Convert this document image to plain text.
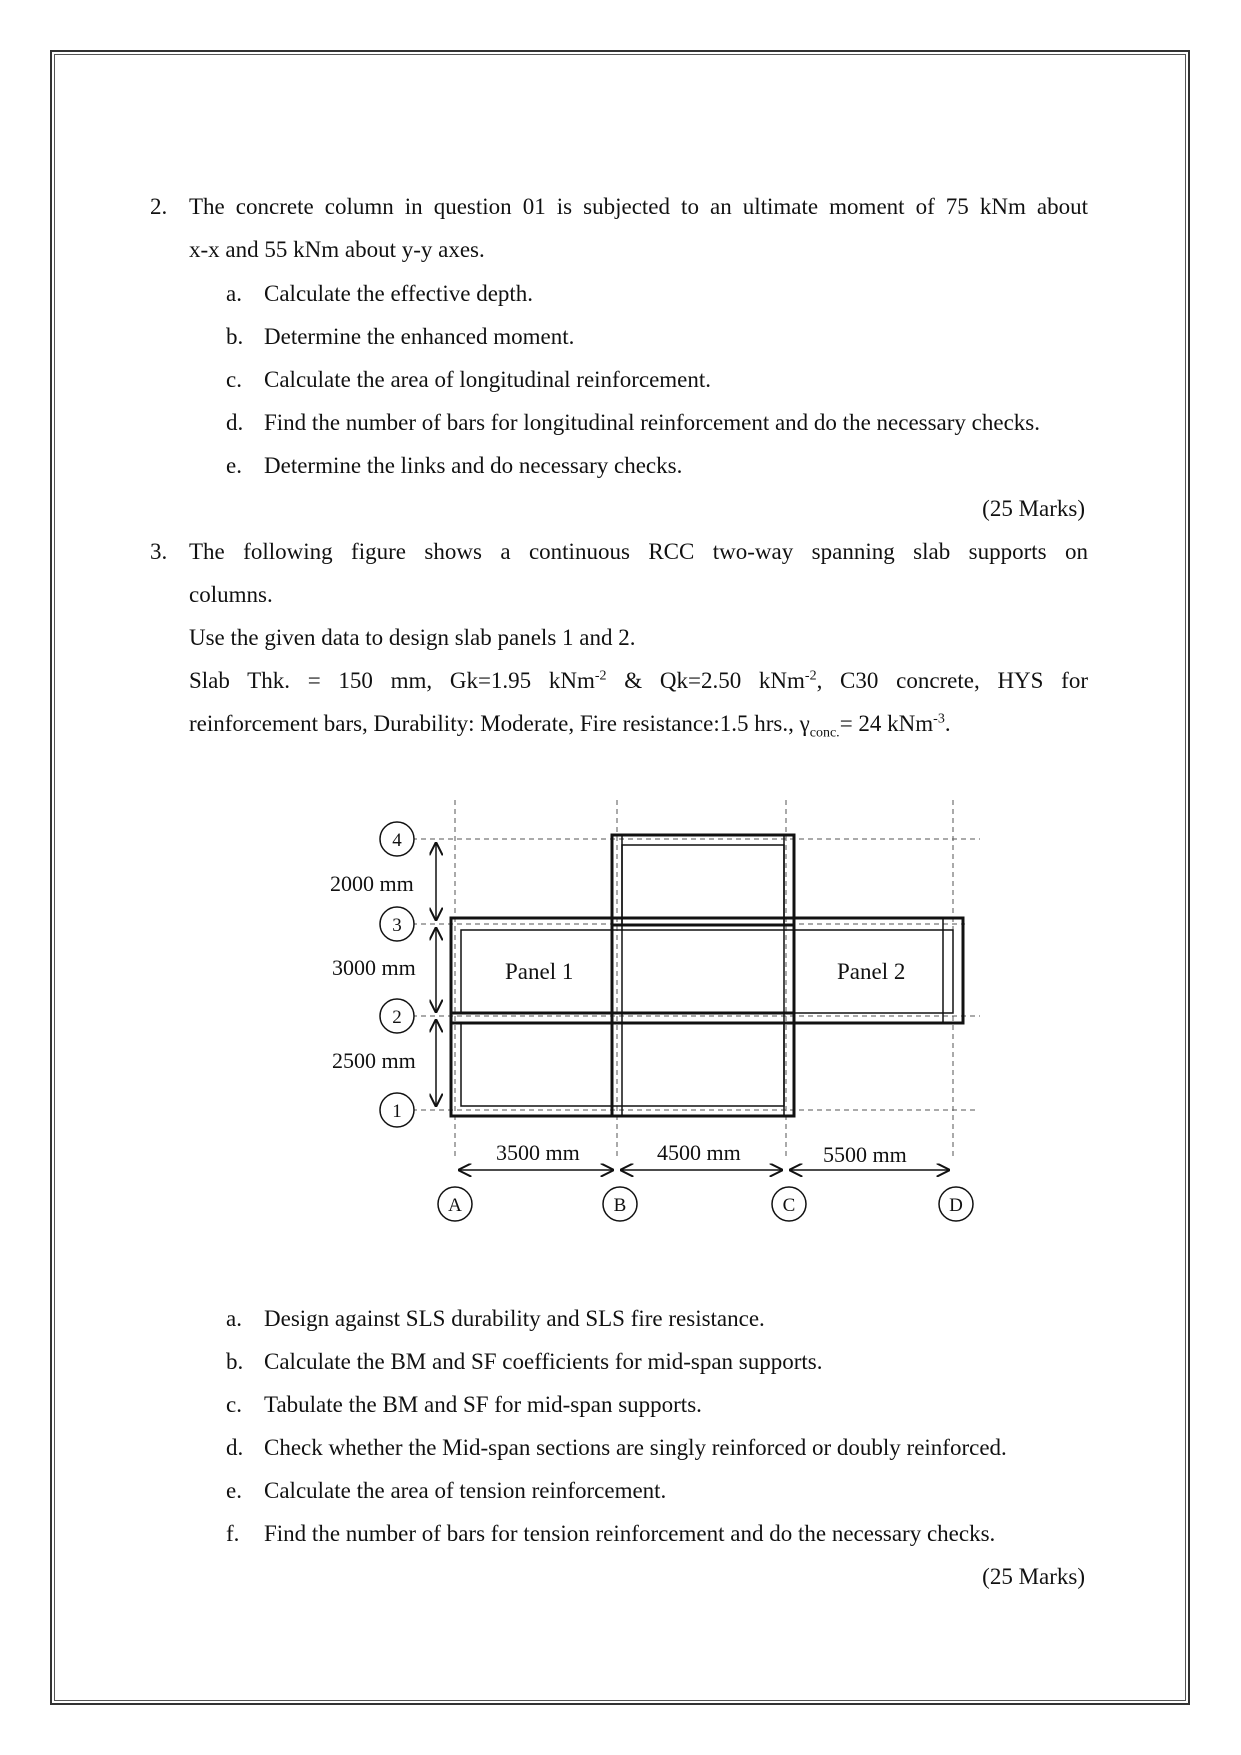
2. The concrete column in question 01 is subjected to an ultimate moment of 75 kNm about
x-x and 55 kNm about y-y axes.
a. Calculate the effective depth.
b. Determine the enhanced moment.
c. Calculate the area of longitudinal reinforcement.
d. Find the number of bars for longitudinal reinforcement and do the necessary checks.
e. Determine the links and do necessary checks.
(25 Marks)
3. The following figure shows a continuous RCC two-way spanning slab supports on
columns.
Use the given data to design slab panels 1 and 2.
Slab Thk. = 150 mm, Gk=1.95 kNm$^{-2}$ & Qk=2.50 kNm$^{-2}$, C30 concrete, HYS for
reinforcement bars, Durability: Moderate, Fire resistance:1.5 hrs., $\gamma_{conc.}= 24$ kNm$^{-3}$.
4
3
2
1
A	B	C	D
2000 mm
3000 mm
2500 mm
3500 mm	4500 mm	5500 mm
Panel 1	Panel 2
a. Design against SLS durability and SLS fire resistance.
b. Calculate the BM and SF coefficients for mid-span supports.
c. Tabulate the BM and SF for mid-span supports.
d. Check whether the Mid-span sections are singly reinforced or doubly reinforced.
e. Calculate the area of tension reinforcement.
f. Find the number of bars for tension reinforcement and do the necessary checks.
(25 Marks)
